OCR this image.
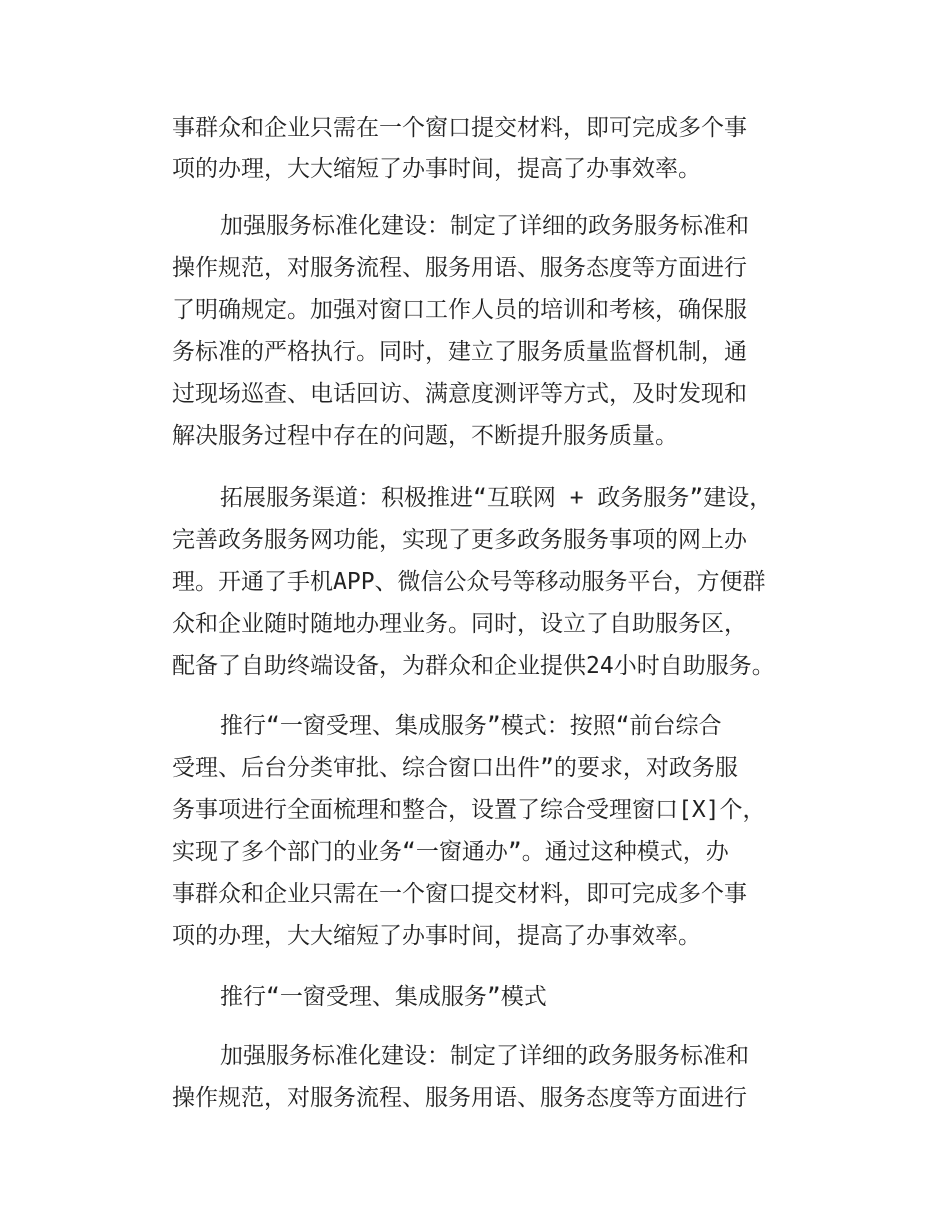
事群众和企业只需在一个窗口提交材料，即可完成多个事
项的办理，大大缩短了办事时间，提高了办事效率。
加强服务标准化建设：制定了详细的政务服务标准和
操作规范，对服务流程、服务用语、服务态度等方面进行
了明确规定。加强对窗口工作人员的培训和考核，确保服
务标准的严格执行。同时，建立了服务质量监督机制，通
过现场巡查、电话回访、满意度测评等方式，及时发现和
解决服务过程中存在的问题，不断提升服务质量。
拓展服务渠道：积极推进“互联网 + 政务服务”建设，
完善政务服务网功能，实现了更多政务服务事项的网上办
理。开通了手机APP、微信公众号等移动服务平台，方便群
众和企业随时随地办理业务。同时，设立了自助服务区，
配备了自助终端设备，为群众和企业提供24小时自助服务。
推行“一窗受理、集成服务”模式：按照“前台综合
受理、后台分类审批、综合窗口出件”的要求，对政务服
务事项进行全面梳理和整合，设置了综合受理窗口[X]个，
实现了多个部门的业务“一窗通办”。通过这种模式，办
事群众和企业只需在一个窗口提交材料，即可完成多个事
项的办理，大大缩短了办事时间，提高了办事效率。
推行“一窗受理、集成服务”模式
加强服务标准化建设：制定了详细的政务服务标准和
操作规范，对服务流程、服务用语、服务态度等方面进行
